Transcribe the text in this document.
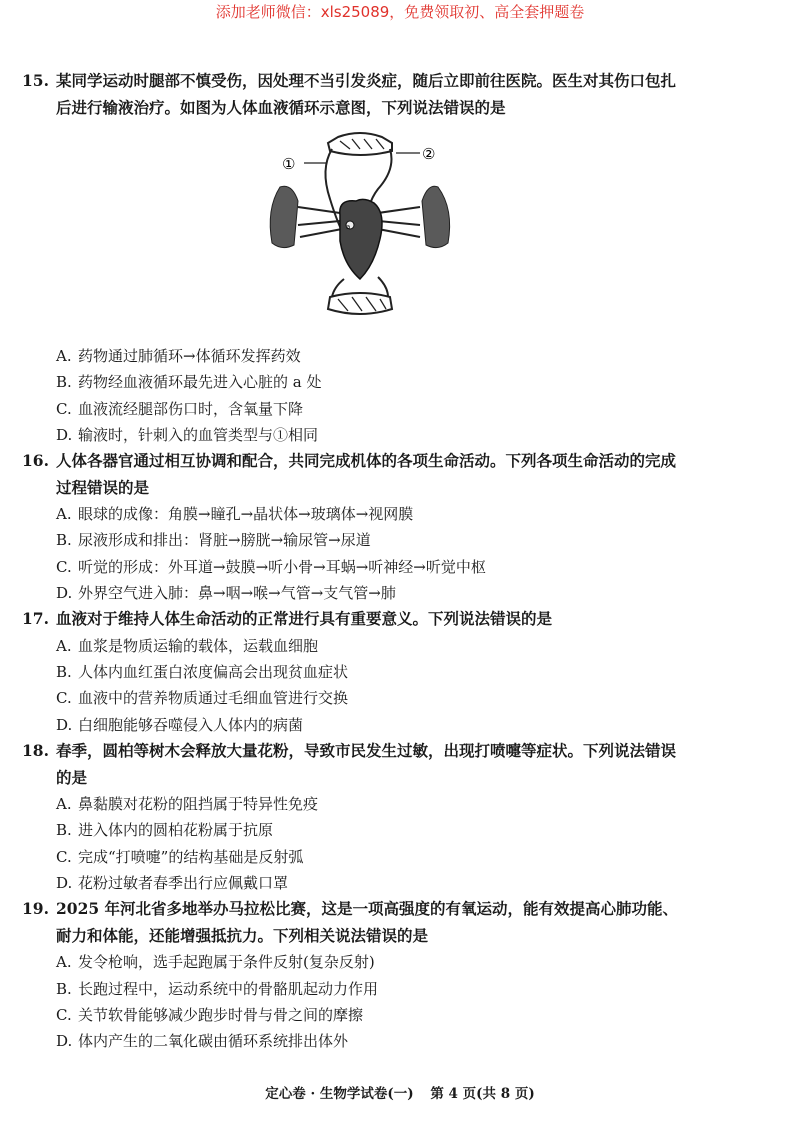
添加老师微信：xls25089，免费领取初、高全套押题卷
15. 某同学运动时腿部不慎受伤，因处理不当引发炎症，随后立即前往医院。医生对其伤口包扎后进行输液治疗。如图为人体血液循环示意图，下列说法错误的是
①
②
a
A. 药物通过肺循环→体循环发挥药效
B. 药物经血液循环最先进入心脏的 a 处
C. 血液流经腿部伤口时，含氧量下降
D. 输液时，针刺入的血管类型与①相同
16. 人体各器官通过相互协调和配合，共同完成机体的各项生命活动。下列各项生命活动的完成过程错误的是
A. 眼球的成像：角膜→瞳孔→晶状体→玻璃体→视网膜
B. 尿液形成和排出：肾脏→膀胱→输尿管→尿道
C. 听觉的形成：外耳道→鼓膜→听小骨→耳蜗→听神经→听觉中枢
D. 外界空气进入肺：鼻→咽→喉→气管→支气管→肺
17. 血液对于维持人体生命活动的正常进行具有重要意义。下列说法错误的是
A. 血浆是物质运输的载体，运载血细胞
B. 人体内血红蛋白浓度偏高会出现贫血症状
C. 血液中的营养物质通过毛细血管进行交换
D. 白细胞能够吞噬侵入人体内的病菌
18. 春季，圆柏等树木会释放大量花粉，导致市民发生过敏，出现打喷嚏等症状。下列说法错误的是
A. 鼻黏膜对花粉的阻挡属于特异性免疫
B. 进入体内的圆柏花粉属于抗原
C. 完成“打喷嚏”的结构基础是反射弧
D. 花粉过敏者春季出行应佩戴口罩
19. 2025 年河北省多地举办马拉松比赛，这是一项高强度的有氧运动，能有效提高心肺功能、耐力和体能，还能增强抵抗力。下列相关说法错误的是
A. 发令枪响，选手起跑属于条件反射(复杂反射)
B. 长跑过程中，运动系统中的骨骼肌起动力作用
C. 关节软骨能够减少跑步时骨与骨之间的摩擦
D. 体内产生的二氧化碳由循环系统排出体外
定心卷 · 生物学试卷(一) 第 4 页(共 8 页)
